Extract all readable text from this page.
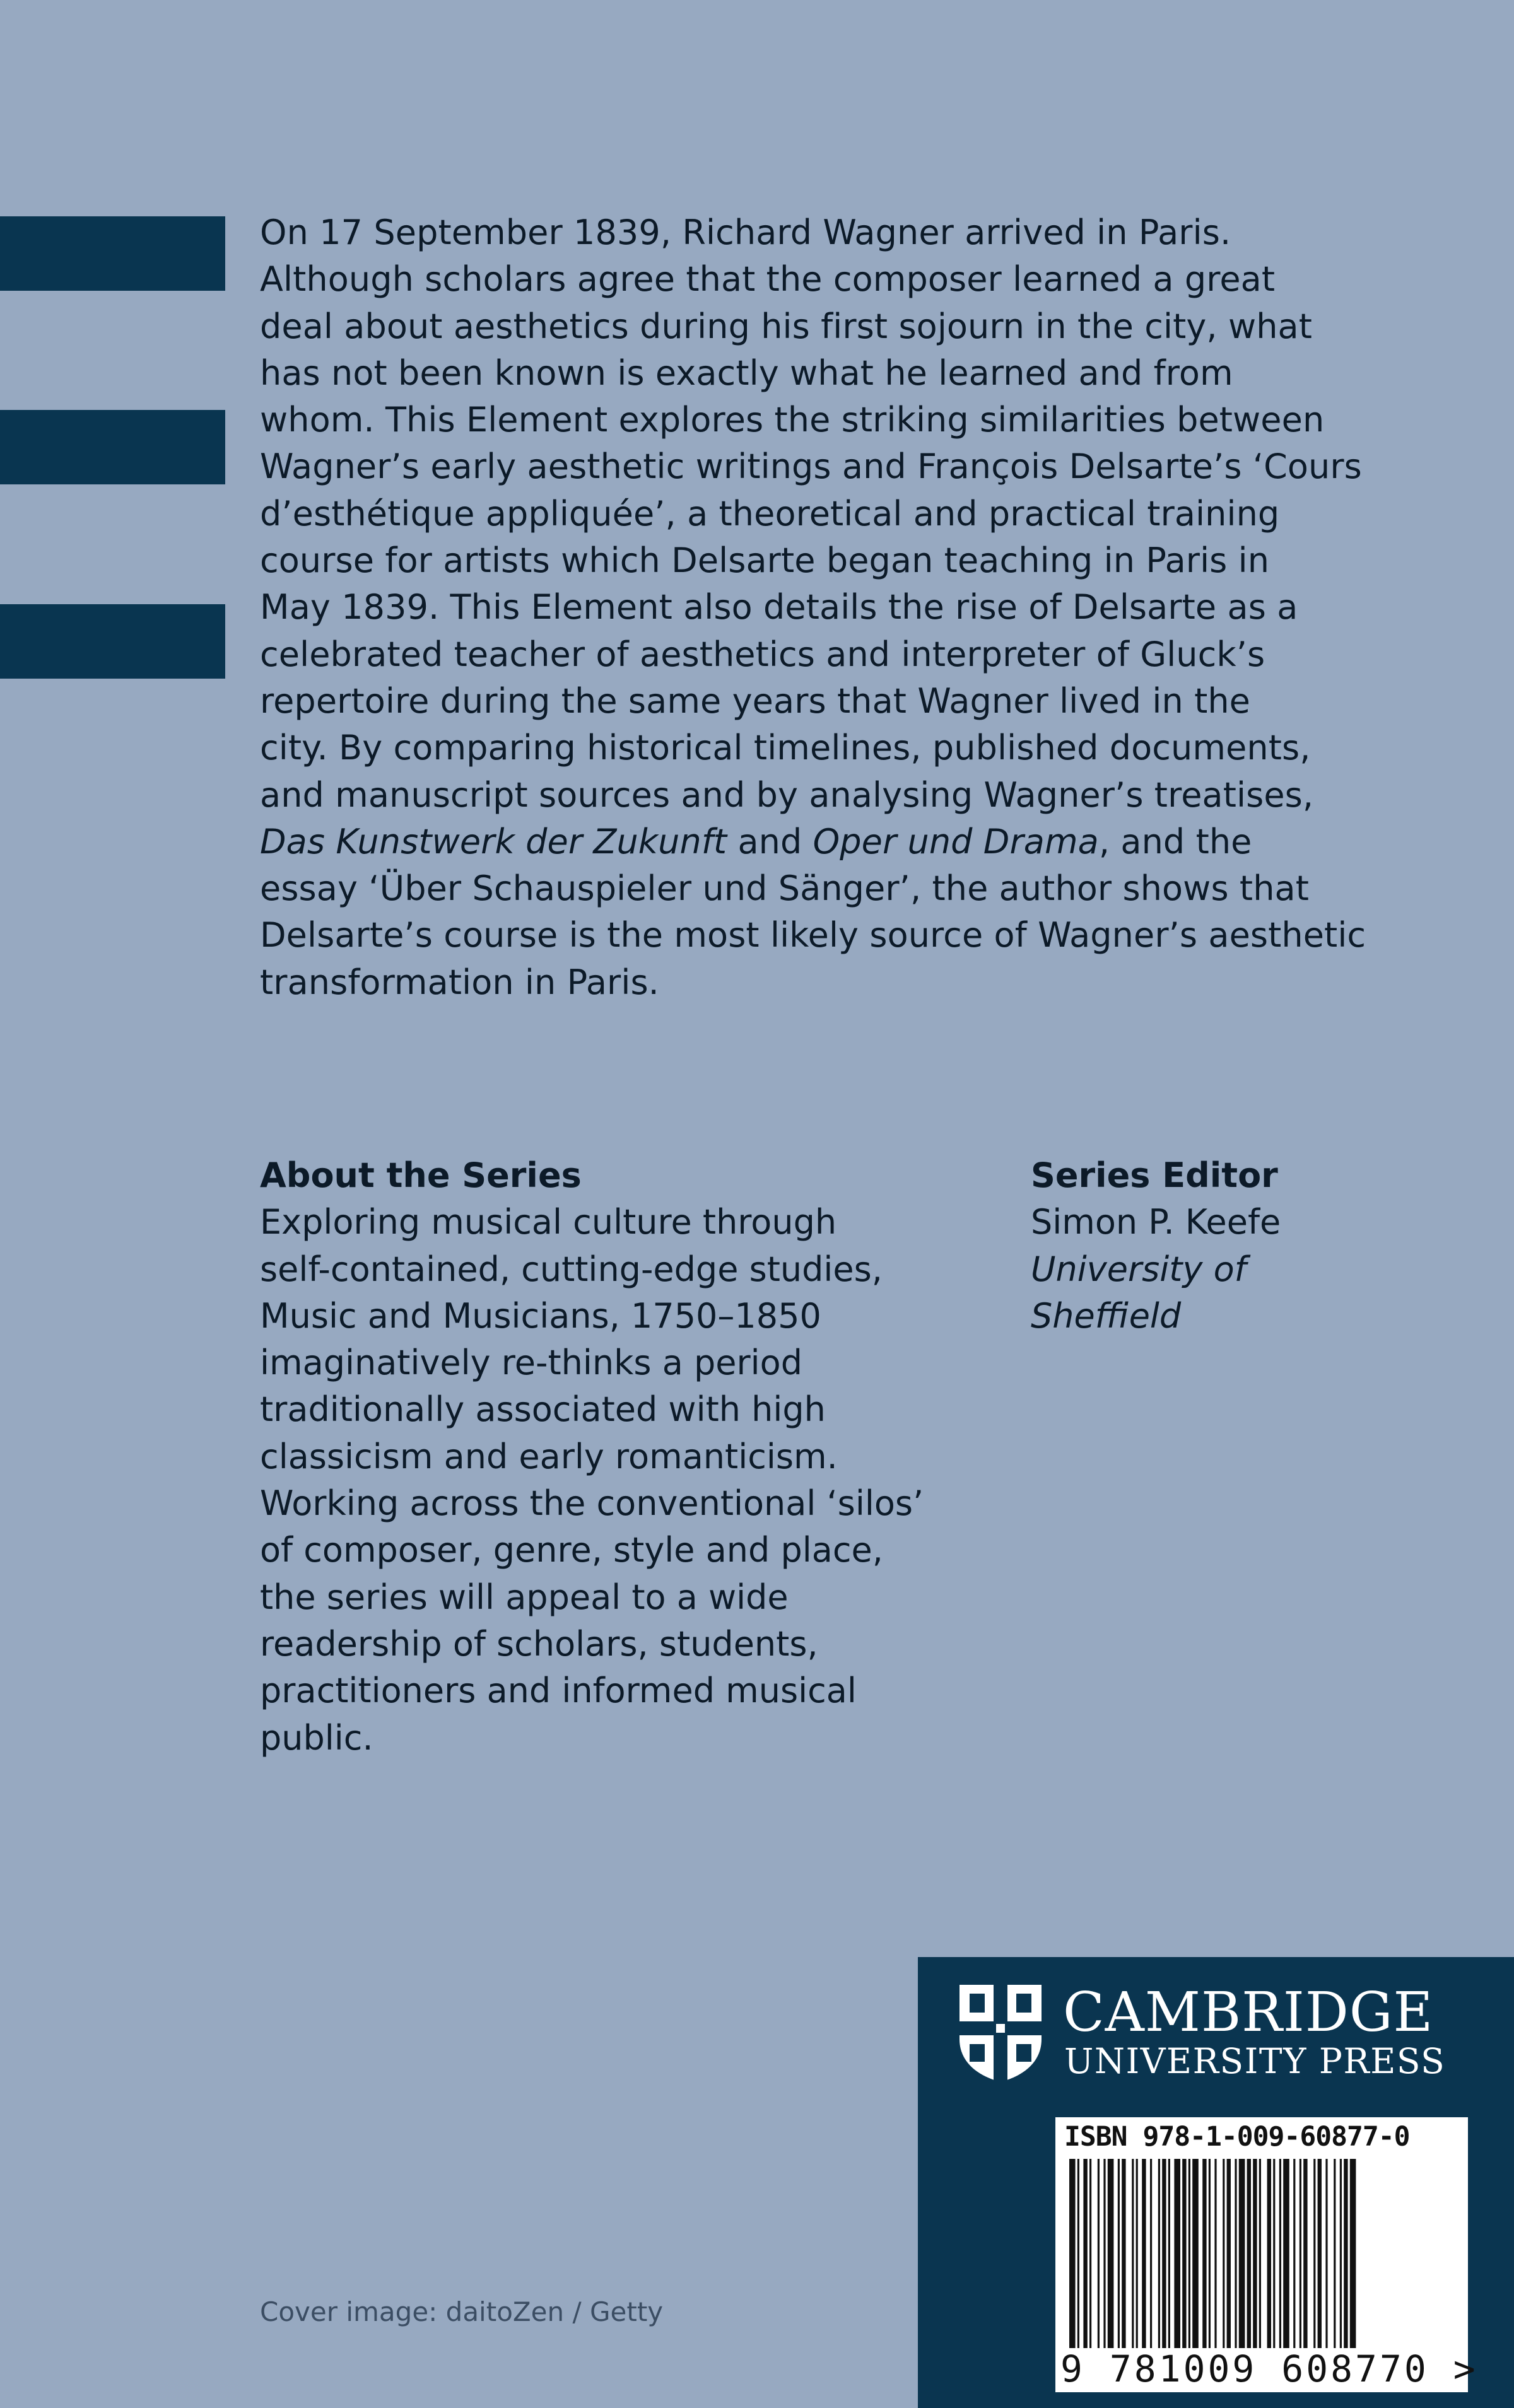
On 17 September 1839, Richard Wagner arrived in Paris.
Although scholars agree that the composer learned a great
deal about aesthetics during his first sojourn in the city, what
has not been known is exactly what he learned and from
whom. This Element explores the striking similarities between
Wagner’s early aesthetic writings and François Delsarte’s ‘Cours
d’esthétique appliquée’, a theoretical and practical training
course for artists which Delsarte began teaching in Paris in
May 1839. This Element also details the rise of Delsarte as a
celebrated teacher of aesthetics and interpreter of Gluck’s
repertoire during the same years that Wagner lived in the
city. By comparing historical timelines, published documents,
and manuscript sources and by analysing Wagner’s treatises,
Das Kunstwerk der Zukunft and Oper und Drama, and the
essay ‘Über Schauspieler und Sänger’, the author shows that
Delsarte’s course is the most likely source of Wagner’s aesthetic
transformation in Paris.
About the Series
Exploring musical culture through
self-contained, cutting-edge studies,
Music and Musicians, 1750–1850
imaginatively re-thinks a period
traditionally associated with high
classicism and early romanticism.
Working across the conventional ‘silos’
of composer, genre, style and place,
the series will appeal to a wide
readership of scholars, students,
practitioners and informed musical
public.
Series Editor
Simon P. Keefe
University of
Sheffield
Cover image: daitoZen / Getty
CAMBRIDGE
UNIVERSITY PRESS
ISBN 978-1-009-60877-0
9 781009 608770 >
